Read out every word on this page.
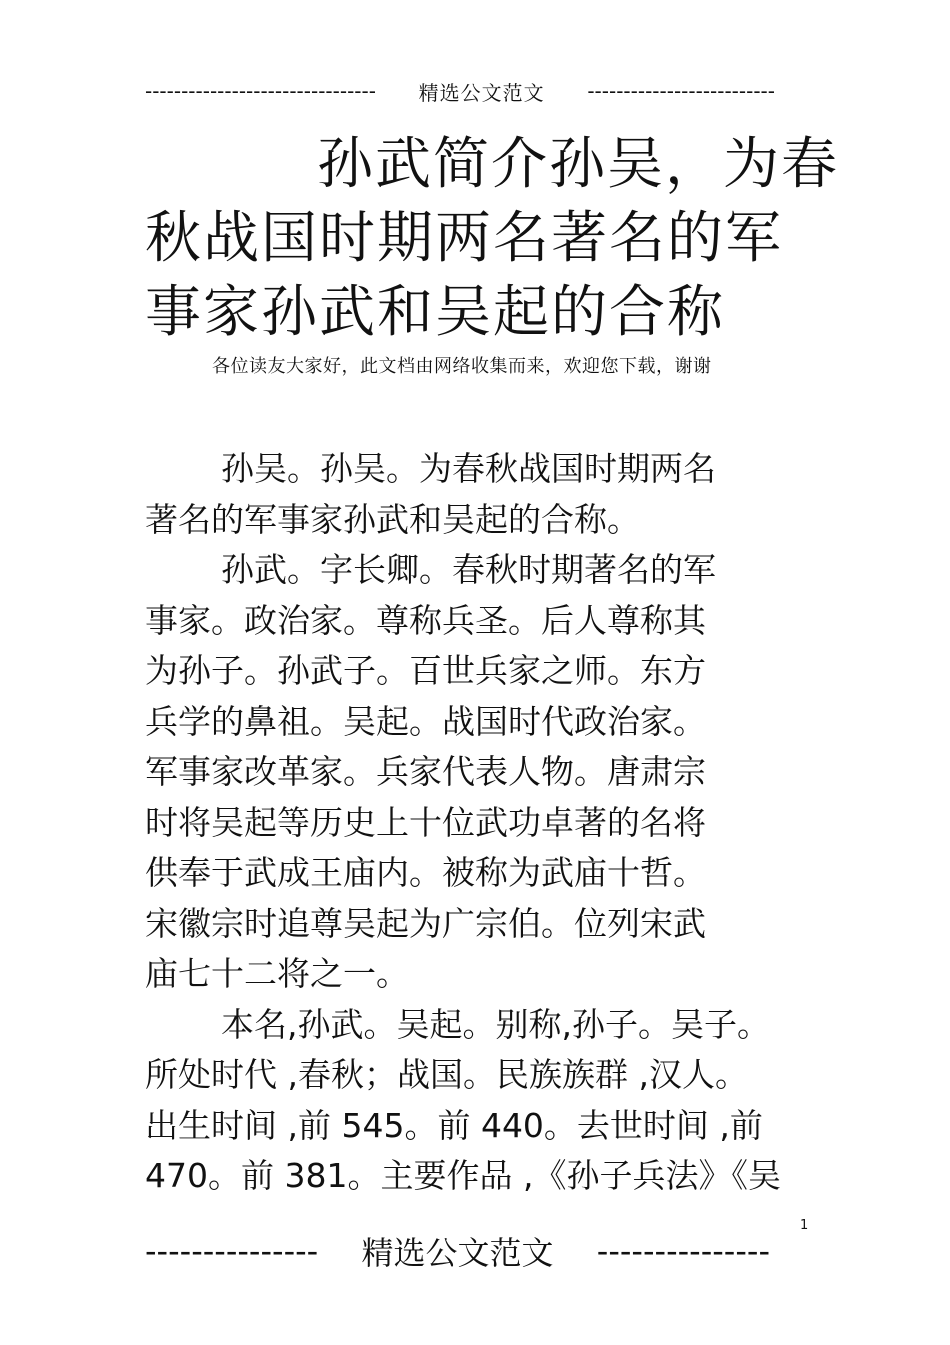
-------------------------------- 精选公文范文 --------------------------
孙武简介孙吴，为春
秋战国时期两名著名的军
事家孙武和吴起的合称
各位读友大家好，此文档由网络收集而来，欢迎您下载，谢谢
孙吴。孙吴。为春秋战国时期两名
著名的军事家孙武和吴起的合称。
孙武。字长卿。春秋时期著名的军
事家。政治家。尊称兵圣。后人尊称其
为孙子。孙武子。百世兵家之师。东方
兵学的鼻祖。吴起。战国时代政治家。
军事家改革家。兵家代表人物。唐肃宗
时将吴起等历史上十位武功卓著的名将
供奉于武成王庙内。被称为武庙十哲。
宋徽宗时追尊吴起为广宗伯。位列宋武
庙七十二将之一。
本名,孙武。吴起。别称,孙子。吴子。
所处时代 ,春秋；战国。民族族群 ,汉人。
出生时间 ,前 545。前 440。去世时间 ,前
470。前 381。主要作品 ,《孙子兵法》《吴
1
--------------- 精选公文范文 ---------------
